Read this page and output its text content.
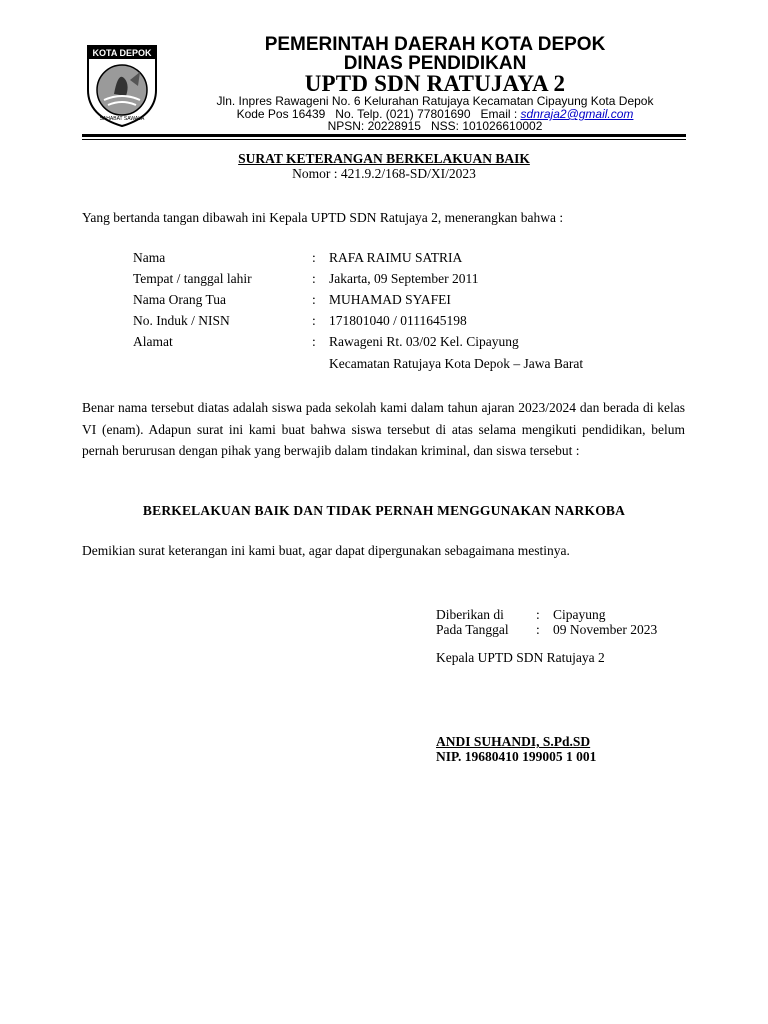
KOTA DEPOK
SAHABAT SAWALA
PEMERINTAH DAERAH KOTA DEPOK
DINAS PENDIDIKAN
UPTD SDN RATUJAYA 2
Jln. Inpres Rawageni No. 6 Kelurahan Ratujaya Kecamatan Cipayung Kota Depok
Kode Pos 16439   No. Telp. (021) 77801690   Email : sdnraja2@gmail.com
NPSN: 20228915   NSS: 101026610002
SURAT KETERANGAN BERKELAKUAN BAIK
Nomor : 421.9.2/168-SD/XI/2023
Yang bertanda tangan dibawah ini Kepala UPTD SDN Ratujaya 2, menerangkan bahwa :
Nama	: RAFA RAIMU SATRIA
Tempat / tanggal lahir	: Jakarta, 09 September 2011
Nama Orang Tua	: MUHAMAD SYAFEI
No. Induk / NISN	: 171801040 / 0111645198
Alamat	: Rawageni Rt. 03/02 Kel. Cipayung
Kecamatan Ratujaya Kota Depok – Jawa Barat
Benar nama tersebut diatas adalah siswa pada sekolah kami dalam tahun ajaran 2023/2024 dan berada di kelas VI (enam). Adapun surat ini kami buat bahwa siswa tersebut di atas selama mengikuti pendidikan, belum pernah berurusan dengan pihak yang berwajib dalam tindakan kriminal, dan siswa tersebut :
BERKELAKUAN BAIK DAN TIDAK PERNAH MENGGUNAKAN NARKOBA
Demikian surat keterangan ini kami buat, agar dapat dipergunakan sebagaimana mestinya.
Diberikan di : Cipayung
Pada Tanggal : 09 November 2023
Kepala UPTD SDN Ratujaya 2
ANDI SUHANDI, S.Pd.SD
NIP. 19680410 199005 1 001
